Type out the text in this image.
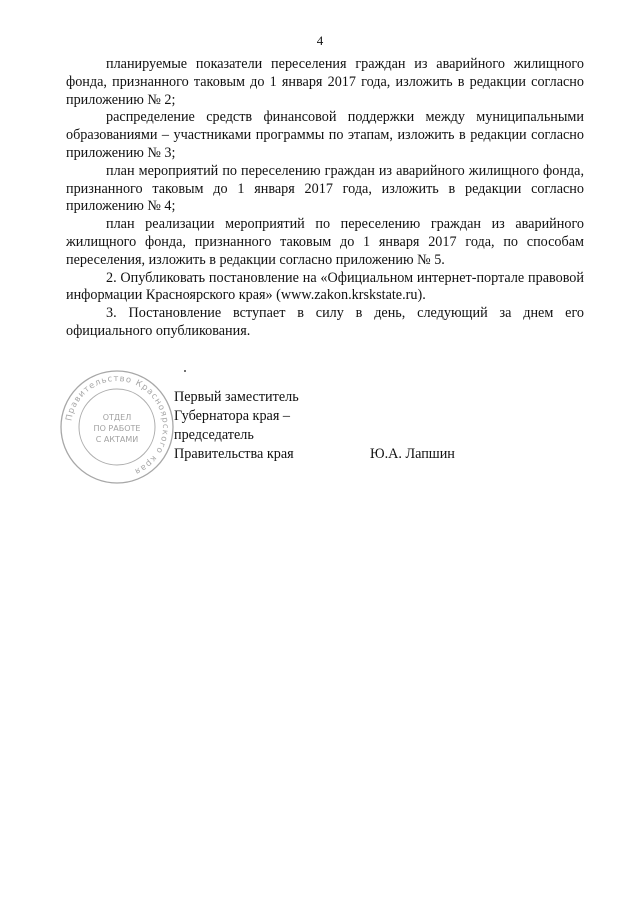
4

планируемые показатели переселения граждан из аварийного жилищного фонда, признанного таковым до 1 января 2017 года, изложить в редакции согласно приложению № 2;

распределение средств финансовой поддержки между муниципальными образованиями – участниками программы по этапам, изложить в редакции согласно приложению № 3;

план мероприятий по переселению граждан из аварийного жилищного фонда, признанного таковым до 1 января 2017 года, изложить в редакции согласно приложению № 4;

план реализации мероприятий по переселению граждан из аварийного жилищного фонда, признанного таковым до 1 января 2017 года, по способам переселения, изложить в редакции согласно приложению № 5.

2. Опубликовать постановление на «Официальном интернет-портале правовой информации Красноярского края» (www.zakon.krskstate.ru).

3. Постановление вступает в силу в день, следующий за днем его официального опубликования.

Правительство Красноярского края
ОТДЕЛ
ПО РАБОТЕ
С АКТАМИ
Первый заместитель
Губернатора края –
председатель
Правительства края	Ю.А. Лапшин
